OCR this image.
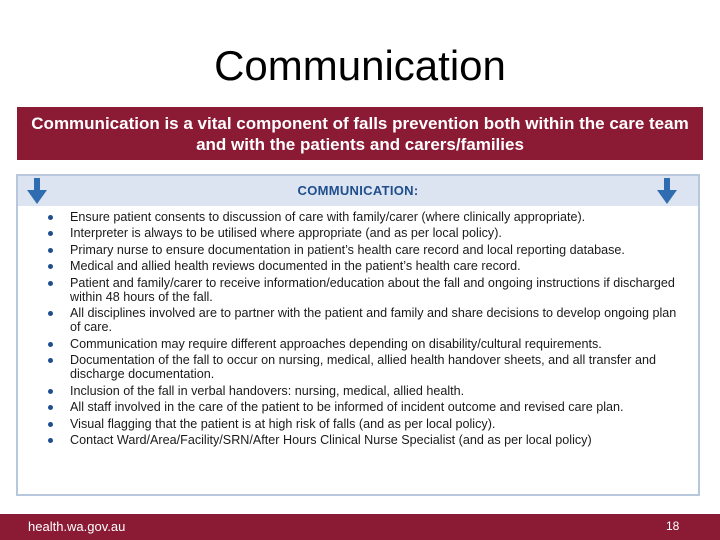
Communication
Communication is a vital component of falls prevention both within the care team and with the patients and carers/families
COMMUNICATION:
Ensure patient consents to discussion of care with family/carer (where clinically appropriate).
Interpreter is always to be utilised where appropriate (and as per local policy).
Primary nurse to ensure documentation in patient’s health care record and local reporting database.
Medical and allied health reviews documented in the patient’s health care record.
Patient and family/carer to receive information/education about the fall and ongoing instructions if discharged within 48 hours of the fall.
All disciplines involved are to partner with the patient and family and share decisions to develop ongoing plan of care.
Communication may require different approaches depending on disability/cultural requirements.
Documentation of the fall to occur on nursing, medical, allied health handover sheets, and all transfer and discharge documentation.
Inclusion of the fall in verbal handovers: nursing, medical, allied health.
All staff involved in the care of the patient to be informed of incident outcome and revised care plan.
Visual flagging that the patient is at high risk of falls (and as per local policy).
Contact Ward/Area/Facility/SRN/After Hours Clinical Nurse Specialist (and as per local policy)
health.wa.gov.au	18
